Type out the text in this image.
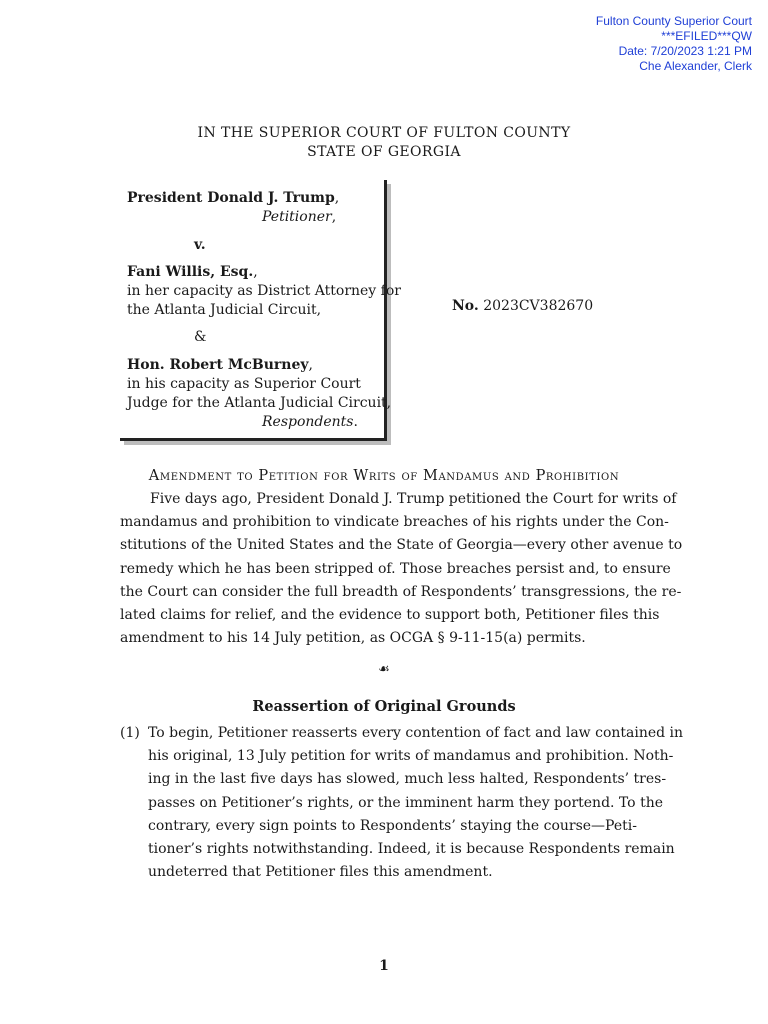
Fulton County Superior Court
***EFILED***QW
Date: 7/20/2023 1:21 PM
Che Alexander, Clerk
IN THE SUPERIOR COURT OF FULTON COUNTY
STATE OF GEORGIA
President Donald J. Trump,
Petitioner,
v.
Fani Willis, Esq.,
in her capacity as District Attorney for
the Atlanta Judicial Circuit,
&
Hon. Robert McBurney,
in his capacity as Superior Court
Judge for the Atlanta Judicial Circuit,
Respondents.
No. 2023CV382670
Amendment to Petition for Writs of Mandamus and Prohibition
Five days ago, President Donald J. Trump petitioned the Court for writs of
mandamus and prohibition to vindicate breaches of his rights under the Con-
stitutions of the United States and the State of Georgia—every other avenue to
remedy which he has been stripped of. Those breaches persist and, to ensure
the Court can consider the full breadth of Respondents’ transgressions, the re-
lated claims for relief, and the evidence to support both, Petitioner files this
amendment to his 14 July petition, as OCGA § 9-11-15(a) permits.
☙
Reassertion of Original Grounds
(1) To begin, Petitioner reasserts every contention of fact and law contained in
his original, 13 July petition for writs of mandamus and prohibition. Noth-
ing in the last five days has slowed, much less halted, Respondents’ tres-
passes on Petitioner’s rights, or the imminent harm they portend. To the
contrary, every sign points to Respondents’ staying the course—Peti-
tioner’s rights notwithstanding. Indeed, it is because Respondents remain
undeterred that Petitioner files this amendment.
1
